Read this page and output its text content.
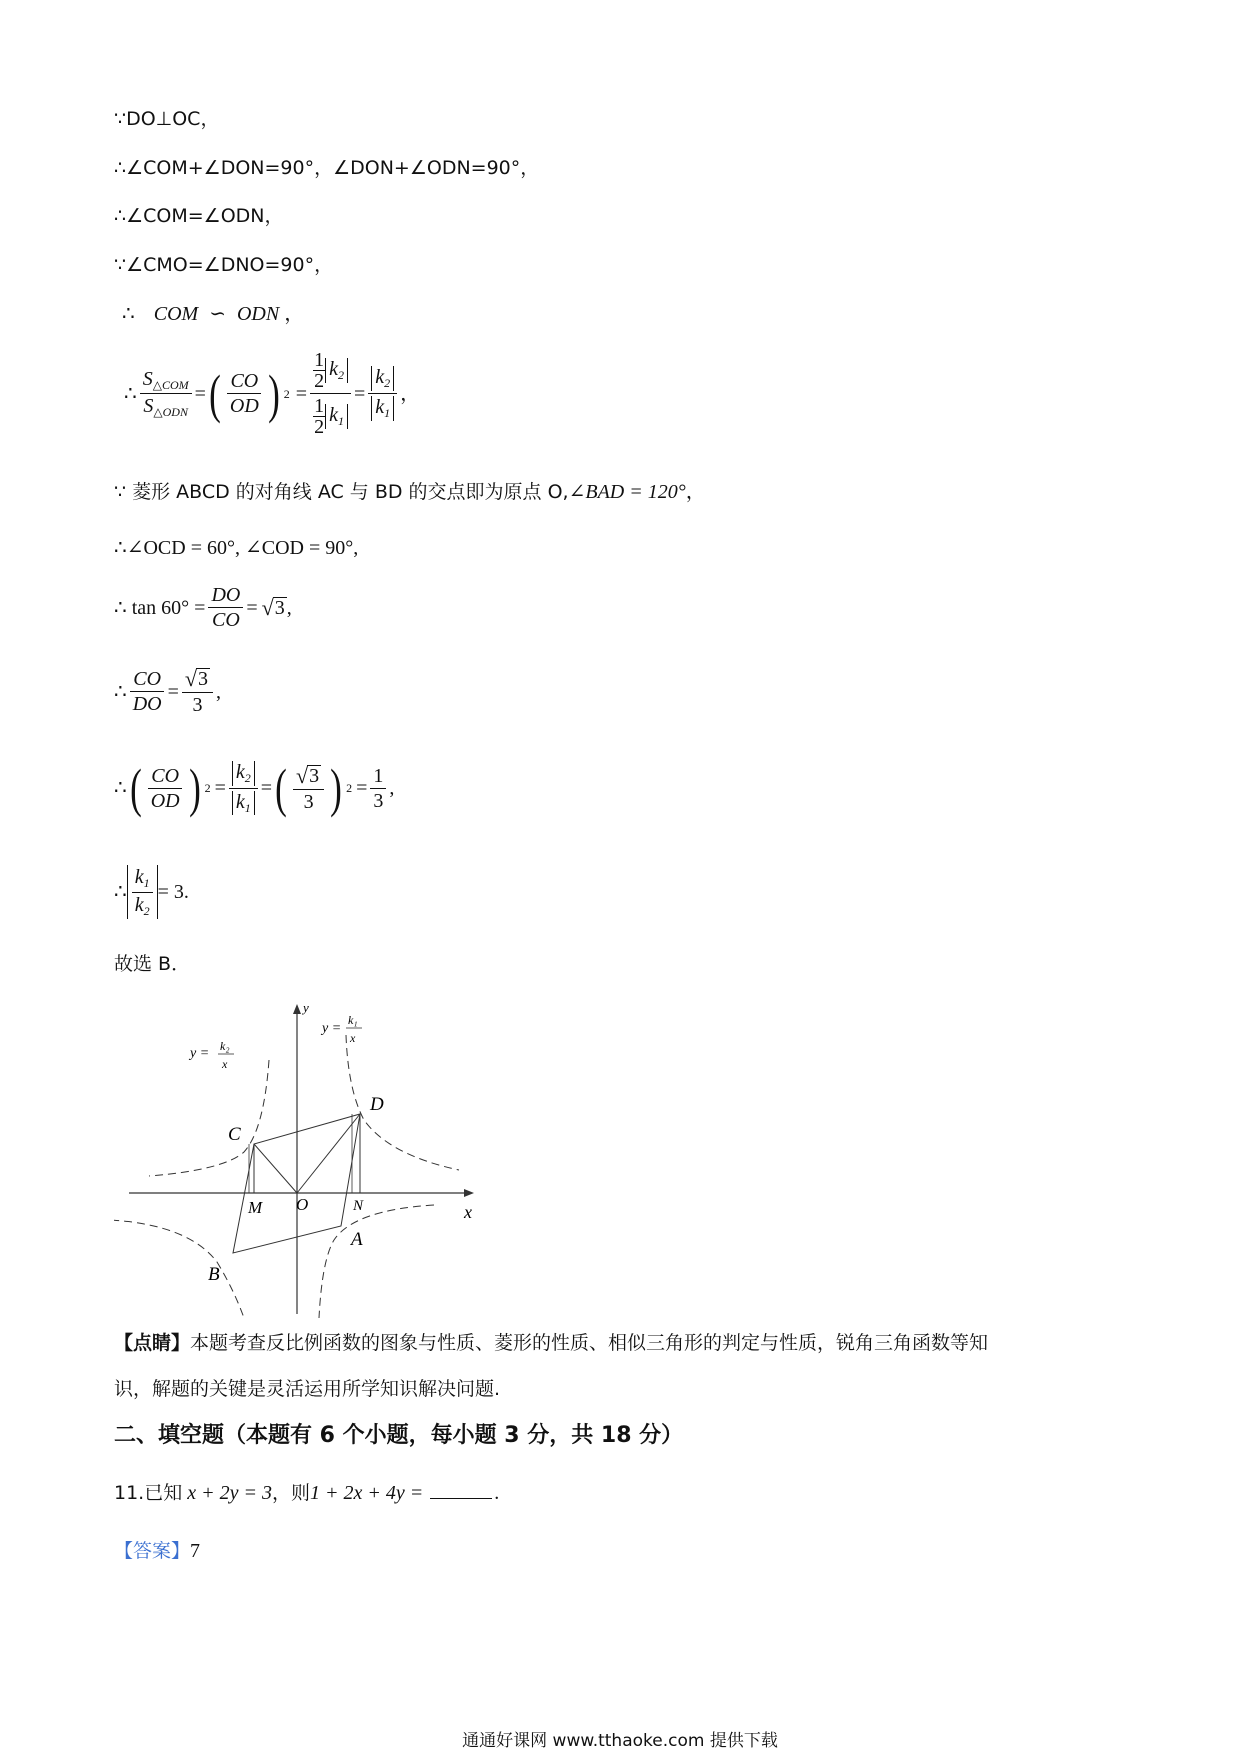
∵DO⊥OC，
∴∠COM+∠DON=90°，∠DON+∠ODN=90°，
∴∠COM=∠ODN，
∵∠CMO=∠DNO=90°，
∴ COM ∽ ODN ，
∴ $\frac{S_{\triangle COM}}{S_{\triangle ODN}}$ = ( $\frac{CO}{OD}$ ) $2 = \frac{\frac{1}{2} k_2}{\frac{1}{2} k_1} = \frac{k_2}{k_1}$ ，
∵ 菱形 ABCD 的对角线 AC 与 BD 的交点即为原点 O,∠BAD = 120°，
∴∠OCD = 60°, ∠COD = 90°,
∴ $\tan 60^\circ = \frac{DO}{CO}$ = √ 3 ,
∴ $\frac{CO}{DO} = \frac{√ 3}{3}$ ,
∴ ( $\frac{CO}{OD}$ ) $2 = \frac{k_2}{k_1}$ = ( $\frac{√ 3}{3}$ ) $2 = \frac{1}{3}$ ,
∴ $\frac{k_1}{k_2} = 3$.
故选 B．
y = k₂
x
y =
k₁
x
y
x
C
D
M O	N
A
B
【点睛】本题考查反比例函数的图象与性质、菱形的性质、相似三角形的判定与性质，锐角三角函数等知
识，解题的关键是灵活运用所学知识解决问题.
二、填空题（本题有 6 个小题，每小题 3 分，共 18 分）
11.已知 x + 2y = 3，则1 + 2x + 4y =	.
【答案】7
通通好课网 www.tthaoke.com 提供下载
